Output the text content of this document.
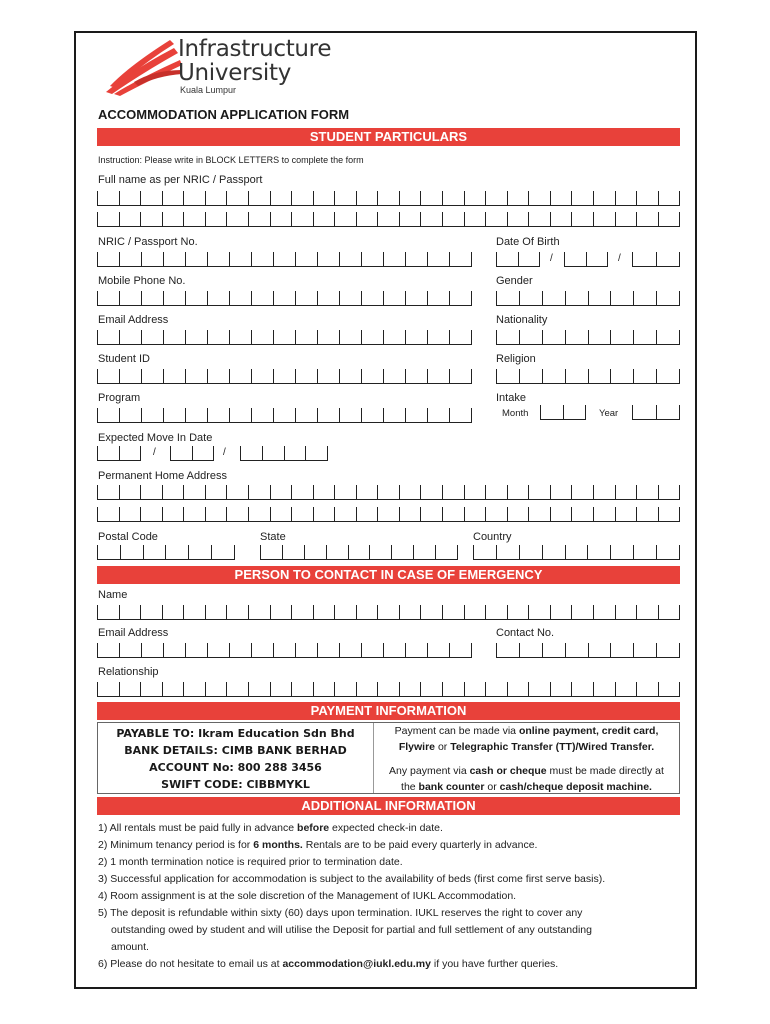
Infrastructure
University
Kuala Lumpur
ACCOMMODATION APPLICATION FORM
STUDENT PARTICULARS
Instruction: Please write in BLOCK LETTERS to complete the form
Full name as per NRIC / Passport
NRIC / Passport No.	Date Of Birth
/	/
Mobile Phone No.	Gender
Email Address	Nationality
Student ID	Religion
Program	Intake
Month	Year
Expected Move In Date
/	/
Permanent Home Address
Postal Code	State	Country
PERSON TO CONTACT IN CASE OF EMERGENCY
Name
Email Address	Contact No.
Relationship
PAYMENT INFORMATION
PAYABLE TO: Ikram Education Sdn Bhd
BANK DETAILS: CIMB BANK BERHAD
ACCOUNT No: 800 288 3456
SWIFT CODE: CIBBMYKL
Payment can be made via online payment, credit card,
Flywire or Telegraphic Transfer (TT)/Wired Transfer.
Any payment via cash or cheque must be made directly at
the bank counter or cash/cheque deposit machine.
ADDITIONAL INFORMATION
1) All rentals must be paid fully in advance before expected check-in date.
2) Minimum tenancy period is for 6 months. Rentals are to be paid every quarterly in advance.
2) 1 month termination notice is required prior to termination date.
3) Successful application for accommodation is subject to the availability of beds (first come first serve basis).
4) Room assignment is at the sole discretion of the Management of IUKL Accommodation.
5) The deposit is refundable within sixty (60) days upon termination. IUKL reserves the right to cover any
outstanding owed by student and will utilise the Deposit for partial and full settlement of any outstanding
amount.
6) Please do not hesitate to email us at accommodation@iukl.edu.my if you have further queries.
